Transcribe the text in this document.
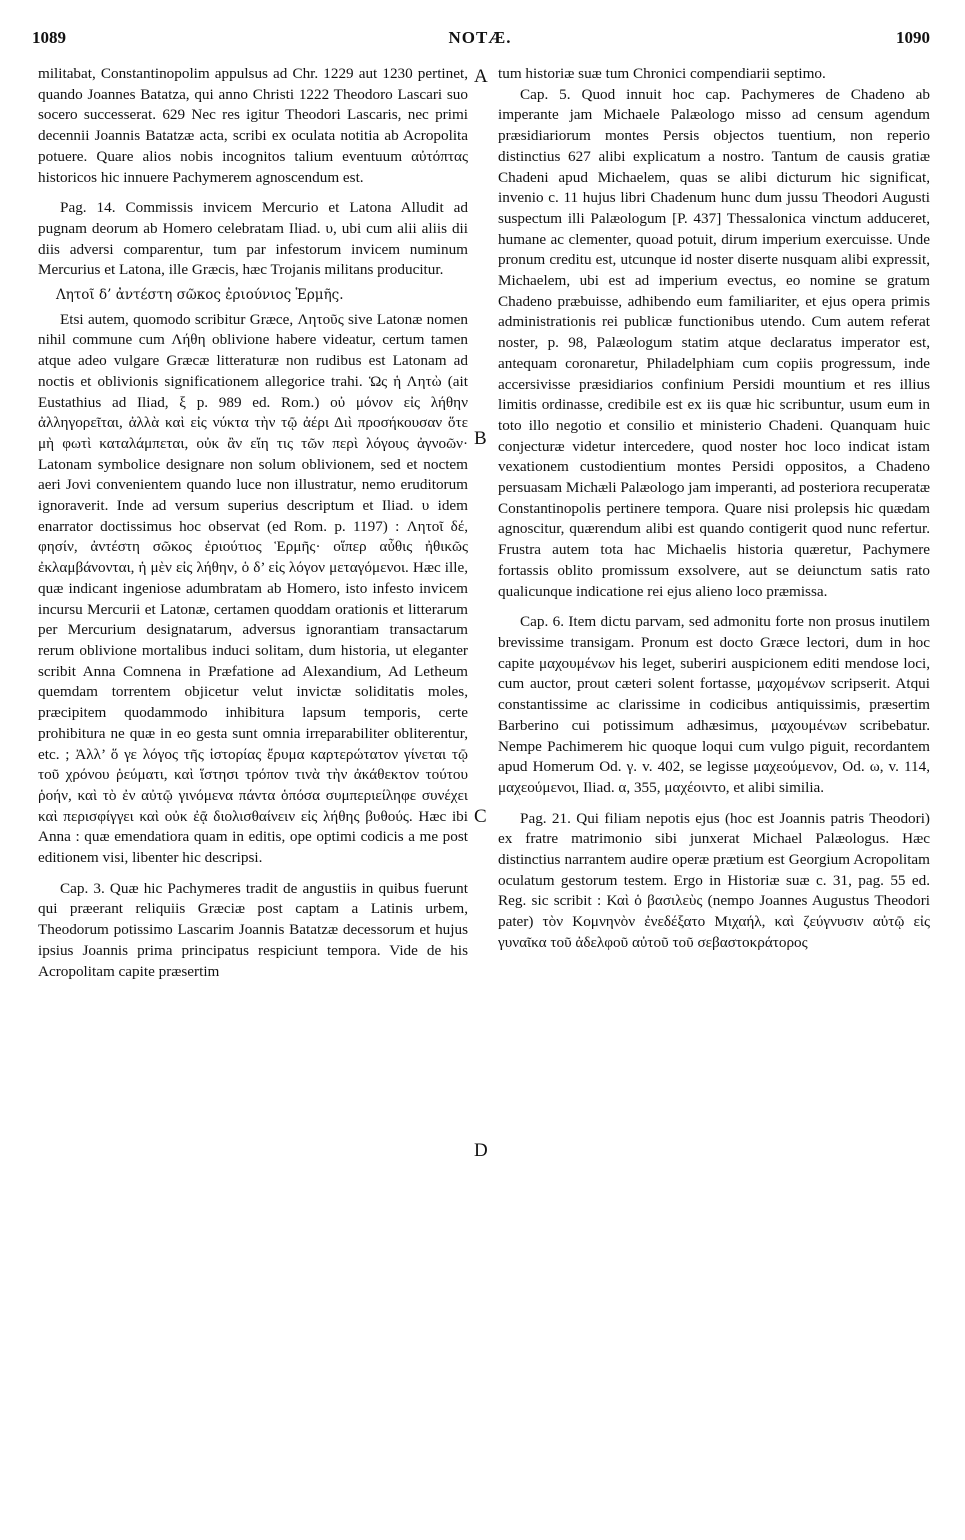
1089	NOTÆ.	1090
A
B
C
D

militabat, Constantinopolim appulsus ad Chr. 1229 aut 1230 pertinet, quando Joannes Batatza, qui anno Christi 1222 Theodoro Lascari suo socero successerat. 629 Nec res igitur Theodori Lascaris, nec primi decennii Joannis Batatzæ acta, scribi ex oculata notitia ab Acropolita potuere. Quare alios nobis incognitos talium eventuum αὐτόπτας historicos hic innuere Pachymerem agnoscendum est.

Pag. 14. Commissis invicem Mercurio et Latona Alludit ad pugnam deorum ab Homero celebratam Iliad. υ, ubi cum alii aliis dii diis adversi comparentur, tum par infestorum invicem numinum Mercurius et Latona, ille Græcis, hæc Trojanis militans producitur.

Λητοῖ δ’ ἀντέστη σῶκος ἐριούνιος Ἑρμῆς.

Etsi autem, quomodo scribitur Græce, Λητοῦς sive Latonæ nomen nihil commune cum Λήθη oblivione habere videatur, certum tamen atque adeo vulgare Græcæ litteraturæ non rudibus est Latonam ad noctis et oblivionis significationem allegorice trahi. Ὡς ἡ Λητὼ (ait Eustathius ad Iliad, ξ p. 989 ed. Rom.) οὐ μόνον εἰς λήθην ἀλληγορεῖται, ἀλλὰ καὶ εἰς νύκτα τὴν τῷ ἀέρι Διὶ προσήκουσαν ὅτε μὴ φωτὶ καταλάμπεται, οὐκ ἂν εἴη τις τῶν περὶ λόγους ἀγνοῶν· Latonam symbolice designare non solum oblivionem, sed et noctem aeri Jovi convenientem quando luce non illustratur, nemo eruditorum ignoraverit. Inde ad versum superius descriptum et Iliad. υ idem enarrator doctissimus hoc observat (ed Rom. p. 1197) : Λητοῖ δέ, φησίν, ἀντέστη σῶκος ἐριούτιος Ἑρμῆς· οἵπερ αὖθις ἠθικῶς ἐκλαμβάνονται, ἡ μὲν εἰς λήθην, ὁ δ’ εἰς λόγον μεταγόμενοι. Hæc ille, quæ indicant ingeniose adumbratam ab Homero, isto infesto invicem incursu Mercurii et Latonæ, certamen quoddam orationis et litterarum per Mercurium designatarum, adversus ignorantiam transactarum rerum oblivione mortalibus induci solitam, dum historia, ut eleganter scribit Anna Comnena in Præfatione ad Alexandium, Ad Letheum quemdam torrentem objicetur velut invictæ soliditatis moles, præcipitem quodammodo inhibitura lapsum temporis, certe prohibitura ne quæ in eo gesta sunt omnia irreparabiliter obliterentur, etc. ; Ἀλλ’ ὅ γε λόγος τῆς ἱστορίας ἔρυμα καρτερώτατον γίνεται τῷ τοῦ χρόνου ῥεύματι, καὶ ἵστησι τρόπον τινὰ τὴν ἀκάθεκτον τούτου ῥοήν, καὶ τὸ ἐν αὐτῷ γινόμενα πάντα ὁπόσα συμπεριείληφε συνέχει καὶ περισφίγγει καὶ οὐκ ἐᾷ διολισθαίνειν εἰς λήθης βυθούς. Hæc ibi Anna : quæ emendatiora quam in editis, ope optimi codicis a me post editionem visi, libenter hic descripsi.

Cap. 3. Quæ hic Pachymeres tradit de angustiis in quibus fuerunt qui præerant reliquiis Græciæ post captam a Latinis urbem, Theodorum potissimo Lascarim Joannis Batatzæ decessorum et hujus ipsius Joannis prima principatus respiciunt tempora. Vide de his Acropolitam capite præsertim

tum historiæ suæ tum Chronici compendiarii septimo.

Cap. 5. Quod innuit hoc cap. Pachymeres de Chadeno ab imperante jam Michaele Palæologo misso ad censum agendum præsidiariorum montes Persis objectos tuentium, non reperio distinctius 627 alibi explicatum a nostro. Tantum de causis gratiæ Chadeni apud Michaelem, quas se alibi dicturum hic significat, invenio c. 11 hujus libri Chadenum hunc dum jussu Theodori Augusti suspectum illi Palæologum [P. 437] Thessalonica vinctum adduceret, humane ac clementer, quoad potuit, dirum imperium exercuisse. Unde pronum creditu est, utcunque id noster diserte nusquam alibi expressit, Michaelem, ubi est ad imperium evectus, eo nomine se gratum Chadeno præbuisse, adhibendo eum familiariter, et ejus opera primis administrationis rei publicæ functionibus utendo. Cum autem referat noster, p. 98, Palæologum statim atque declaratus imperator est, antequam coronaretur, Philadelphiam cum copiis progressum, inde accersivisse præsidiarios confinium Persidi mountium et res illius limitis ordinasse, credibile est ex iis quæ hic scribuntur, usum eum in toto illo negotio et consilio et ministerio Chadeni. Quanquam huic conjecturæ videtur intercedere, quod noster hoc loco indicat istam vexationem custodientium montes Persidi oppositos, a Chadeno persuasam Michæli Palæologo jam imperanti, ad posteriora recuperatæ Constantinopolis pertinere tempora. Quare nisi prolepsis hic quædam agnoscitur, quærendum alibi est quando contigerit quod nunc refertur. Frustra autem tota hac Michaelis historia quæretur, Pachymere fortassis oblito promissum exsolvere, aut se deiunctum satis rato qualicunque indicatione rei ejus alieno loco præmissa.

Cap. 6. Item dictu parvam, sed admonitu forte non prosus inutilem brevissime transigam. Pronum est docto Græce lectori, dum in hoc capite μαχουμένων his leget, suberiri auspicionem editi mendose loci, cum auctor, prout cæteri solent fortasse, μαχομένων scripserit. Atqui constantissime ac clarissime in codicibus antiquissimis, præsertim Barberino cui potissimum adhæsimus, μαχουμένων scribebatur. Nempe Pachimerem hic quoque loqui cum vulgo piguit, recordantem apud Homerum Od. γ. v. 402, se legisse μαχεούμενον, Od. ω, v. 114, μαχεούμενοι, Iliad. α, 355, μαχέοιντο, et alibi similia.

Pag. 21. Qui filiam nepotis ejus (hoc est Joannis patris Theodori) ex fratre matrimonio sibi junxerat Michael Palæologus. Hæc distinctius narrantem audire operæ prætium est Georgium Acropolitam oculatum gestorum testem. Ergo in Historiæ suæ c. 31, pag. 55 ed. Reg. sic scribit : Καὶ ὁ βασιλεὺς (nempo Joannes Augustus Theodori pater) τὸν Κομνηνὸν ἐνεδέξατο Μιχαήλ, καὶ ζεύγνυσιν αὐτῷ εἰς γυναῖκα τοῦ ἀδελφοῦ αὐτοῦ τοῦ σεβαστοκράτορος
